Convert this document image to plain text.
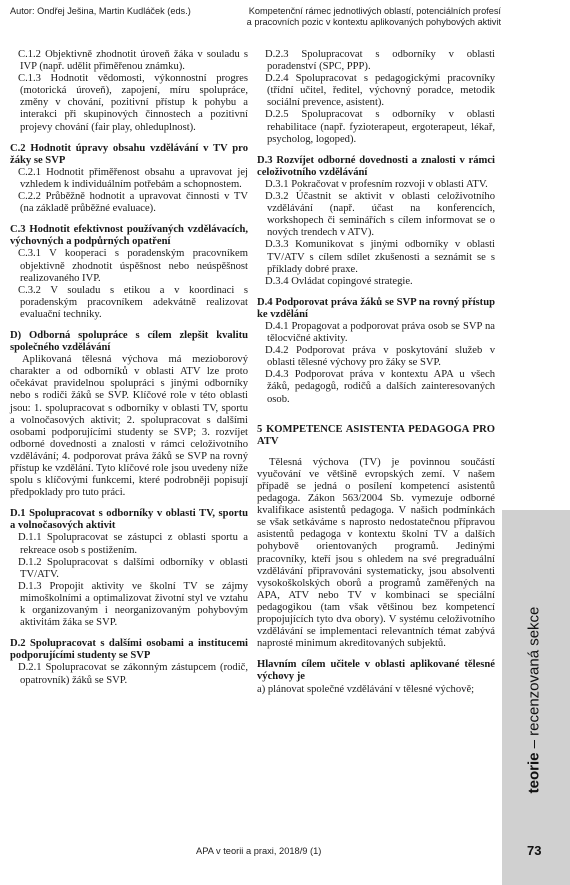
Autor: Ondřej Ješina, Martin Kudláček (eds.)	Kompetenční rámec jednotlivých oblastí, potenciálních profesí
a pracovních pozic v kontextu aplikovaných pohybových aktivit

C.1.2 Objektivně zhodnotit úroveň žáka v souladu s IVP (např. udělit přiměřenou známku).

C.1.3 Hodnotit vědomosti, výkonnostní progres (motorická úroveň), zapojení, míru spolupráce, změny v chování, pozitivní přístup k pohybu a interakci při skupinových činnostech a pozitivní projevy chování (fair play, ohleduplnost).

C.2 Hodnotit úpravy obsahu vzdělávání v TV pro žáky se SVP

C.2.1 Hodnotit přiměřenost obsahu a upravovat jej vzhledem k individuálním potřebám a schopnostem.

C.2.2 Průběžně hodnotit a upravovat činnosti v TV (na základě průběžné evaluace).

C.3 Hodnotit efektivnost používaných vzdělávacích, výchovných a podpůrných opatření

C.3.1 V kooperaci s poradenským pracovníkem objektivně zhodnotit úspěšnost nebo neúspěšnost realizovaného IVP.

C.3.2 V souladu s etikou a v koordinaci s poradenským pracovníkem adekvátně realizovat evaluační techniky.

D) Odborná spolupráce s cílem zlepšit kvalitu společného vzdělávání

Aplikovaná tělesná výchova má mezioborový charakter a od odborníků v oblasti ATV lze proto očekávat pravidelnou spolupráci s jinými odborníky nebo s rodiči žáků se SVP. Klíčové role v této oblasti jsou: 1. spolupracovat s odborníky v oblasti TV, sportu a volnočasových aktivit; 2. spolupracovat s dalšími osobami podporujícími studenty se SVP; 3. rozvíjet odborné dovednosti a znalosti v rámci celoživotního vzdělávání; 4. podporovat práva žáků se SVP na rovný přístup ke vzdělání. Tyto klíčové role jsou uvedeny níže spolu s klíčovými funkcemi, které podrobněji popisují předpoklady pro tuto práci.

D.1 Spolupracovat s odborníky v oblasti TV, sportu a volnočasových aktivit

D.1.1 Spolupracovat se zástupci z oblasti sportu a rekreace osob s postižením.

D.1.2 Spolupracovat s dalšími odborníky v oblasti TV/ATV.

D.1.3 Propojit aktivity ve školní TV se zájmy mimoškolními a optimalizovat životní styl ve vztahu k organizovaným i neorganizovaným pohybovým aktivitám žáka se SVP.

D.2 Spolupracovat s dalšími osobami a institucemi podporujícími studenty se SVP

D.2.1 Spolupracovat se zákonným zástupcem (rodič, opatrovník) žáků se SVP.

D.2.3 Spolupracovat s odborníky v oblasti poradenství (SPC, PPP).

D.2.4 Spolupracovat s pedagogickými pracovníky (třídní učitel, ředitel, výchovný poradce, metodik sociální prevence, asistent).

D.2.5 Spolupracovat s odborníky v oblasti rehabilitace (např. fyzioterapeut, ergoterapeut, lékař, psycholog, logoped).

D.3 Rozvíjet odborné dovednosti a znalosti v rámci celoživotního vzdělávání

D.3.1 Pokračovat v profesním rozvoji v oblasti ATV.

D.3.2 Účastnit se aktivit v oblasti celoživotního vzdělávání (např. účast na konferencích, workshopech či seminářích s cílem informovat se o nových trendech v ATV).

D.3.3 Komunikovat s jinými odborníky v oblasti TV/ATV s cílem sdílet zkušenosti a seznámit se s příklady dobré praxe.

D.3.4 Ovládat copingové strategie.

D.4 Podporovat práva žáků se SVP na rovný přístup ke vzdělání

D.4.1 Propagovat a podporovat práva osob se SVP na tělocvičné aktivity.

D.4.2 Podporovat práva v poskytování služeb v oblasti tělesné výchovy pro žáky se SVP.

D.4.3 Podporovat práva v kontextu APA u všech žáků, pedagogů, rodičů a dalších zainteresovaných osob.

5 KOMPETENCE ASISTENTA PEDAGOGA PRO ATV

Tělesná výchova (TV) je povinnou součástí vyučování ve většině evropských zemí. V našem případě se jedná o posílení kompetencí asistentů pedagoga. Zákon 563/2004 Sb. vymezuje odborné kvalifikace asistentů pedagoga. V našich podmínkách se však setkáváme s naprosto nedostatečnou přípravou asistentů pedagoga v kontextu školní TV a dalších pohybově orientovaných programů. Jedinými pracovníky, kteří jsou s ohledem na své pregraduální vzdělávání připravováni systematicky, jsou absolventi vysokoškolských oborů a programů zaměřených na APA, ATV nebo TV v kombinaci se speciální pedagogikou (tam však většinou bez kompetencí propojujících tyto dva obory). V systému celoživotního vzdělávání se implementaci relevantních témat zabývá naprosté minimum akreditovaných subjektů.

Hlavním cílem učitele v oblasti aplikované tělesné výchovy je

a) plánovat společné vzdělávání v tělesné výchově;

teorie – recenzovaná sekce
APA v teorii a praxi, 2018/9 (1)	73
